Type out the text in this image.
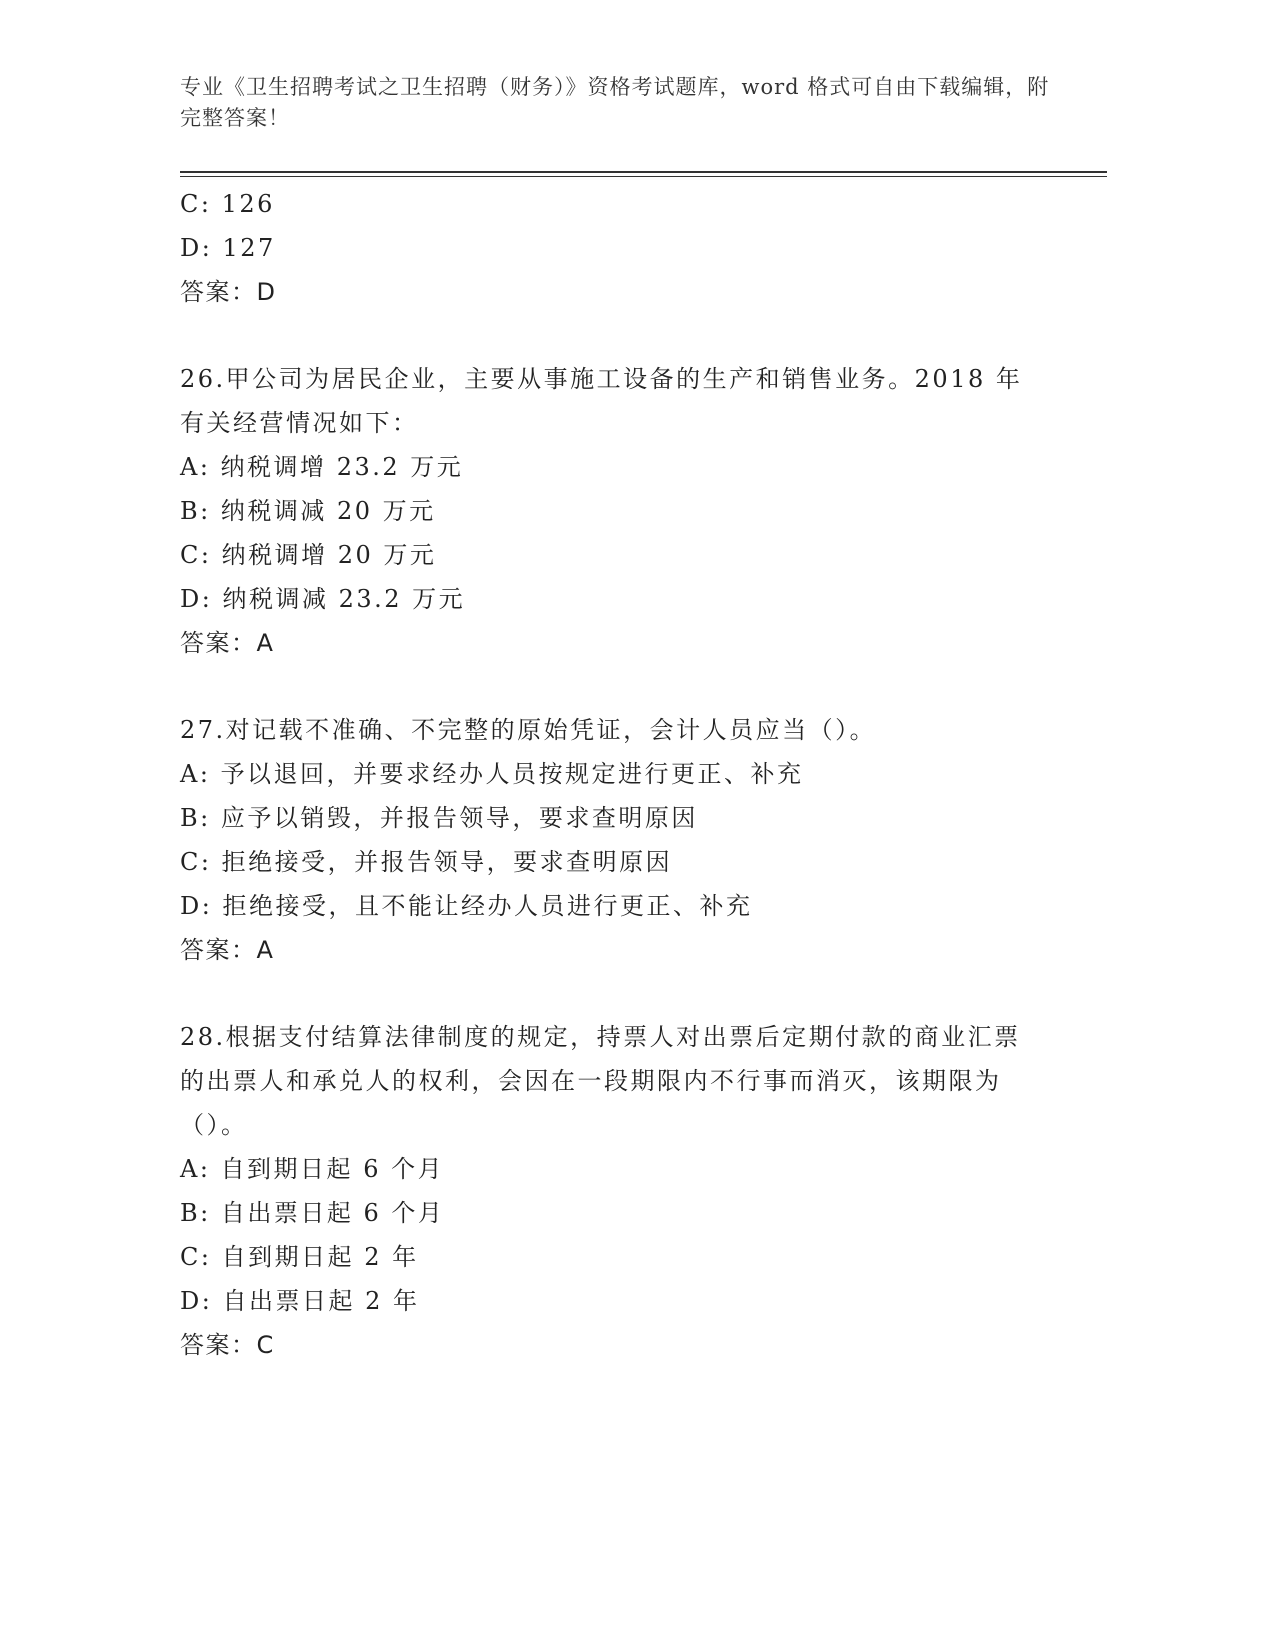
专业《卫生招聘考试之卫生招聘（财务）》资格考试题库，word 格式可自由下载编辑，附完整答案！
C: 126
D: 127
答案：D
26.甲公司为居民企业，主要从事施工设备的生产和销售业务。2018 年有关经营情况如下：
A: 纳税调增 23.2 万元
B: 纳税调减 20 万元
C: 纳税调增 20 万元
D: 纳税调减 23.2 万元
答案：A
27.对记载不准确、不完整的原始凭证，会计人员应当（）。
A: 予以退回，并要求经办人员按规定进行更正、补充
B: 应予以销毁，并报告领导，要求查明原因
C: 拒绝接受，并报告领导，要求查明原因
D: 拒绝接受，且不能让经办人员进行更正、补充
答案：A
28.根据支付结算法律制度的规定，持票人对出票后定期付款的商业汇票的出票人和承兑人的权利，会因在一段期限内不行事而消灭，该期限为（）。
A: 自到期日起 6 个月
B: 自出票日起 6 个月
C: 自到期日起 2 年
D: 自出票日起 2 年
答案：C
